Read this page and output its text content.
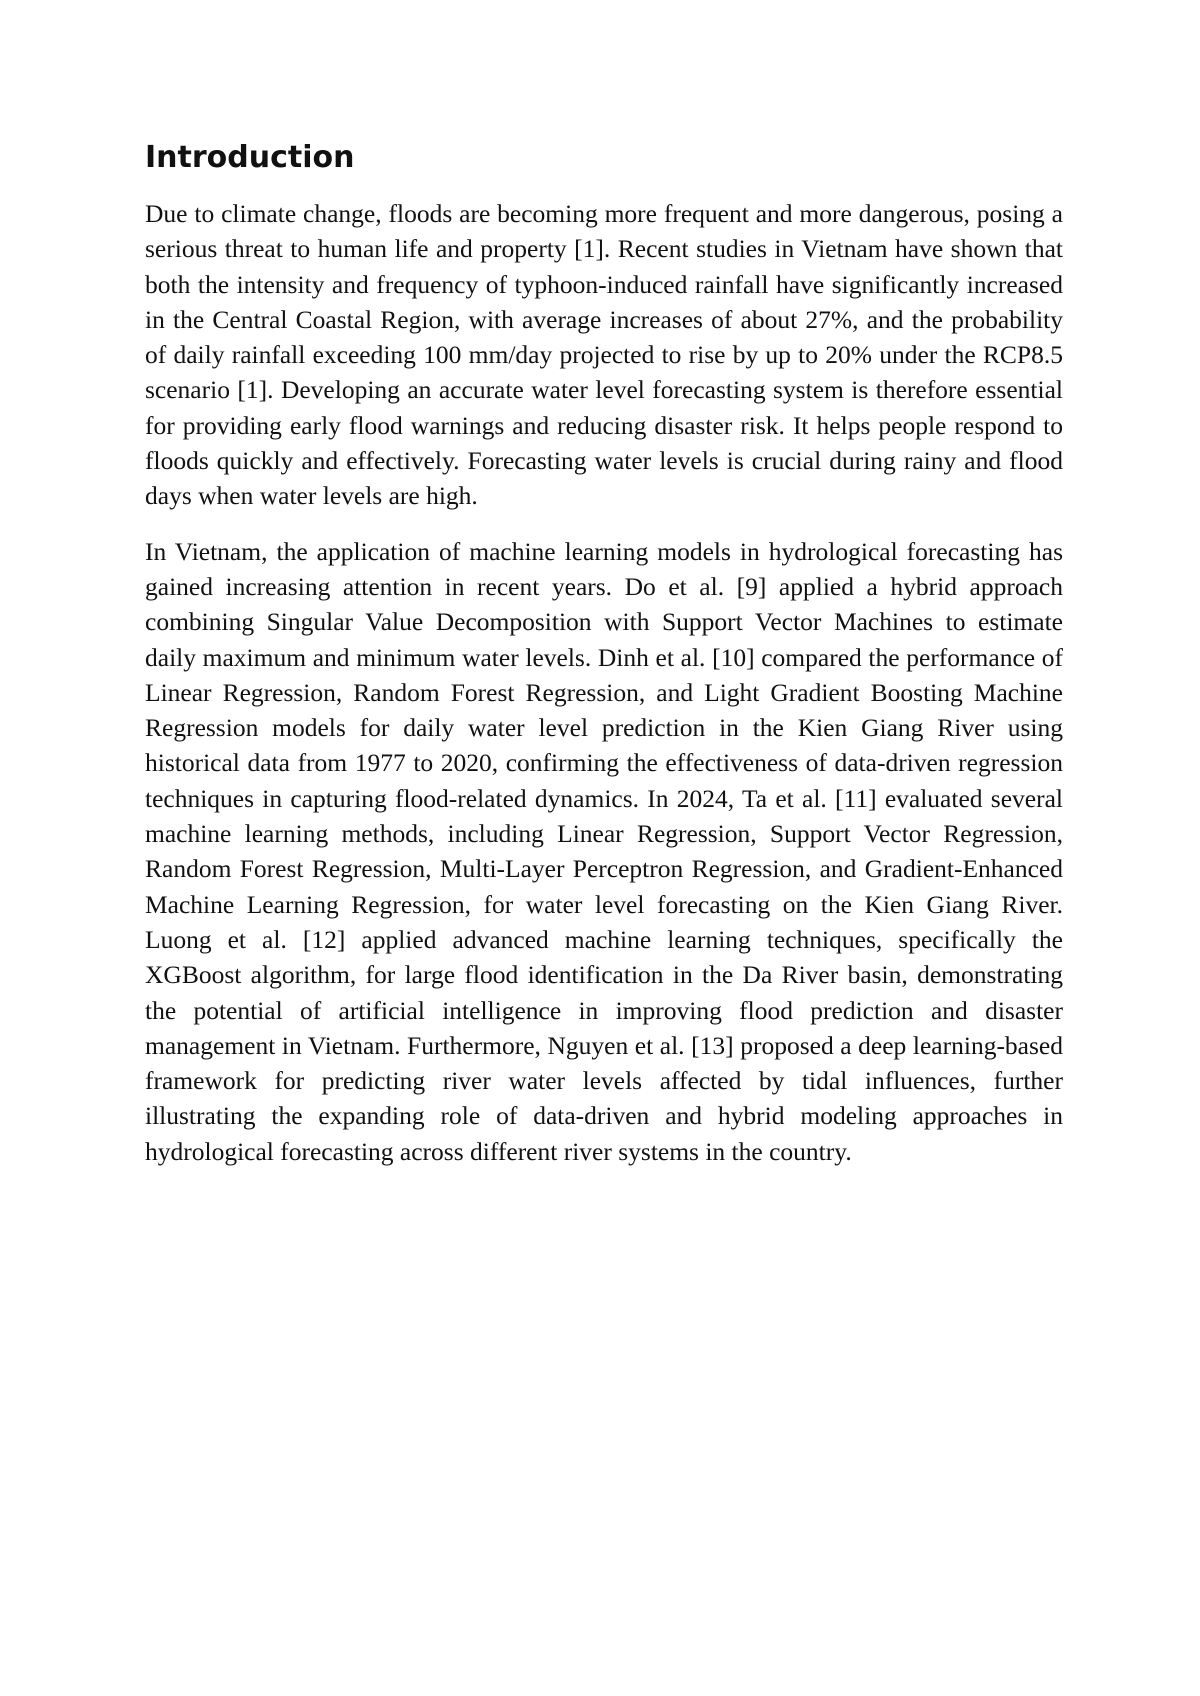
Introduction

Due to climate change, floods are becoming more frequent and more dangerous, posing a serious threat to human life and property [1]. Recent studies in Vietnam have shown that both the intensity and frequency of typhoon-induced rainfall have significantly increased in the Central Coastal Region, with average increases of about 27%, and the probability of daily rainfall exceeding 100 mm/day projected to rise by up to 20% under the RCP8.5 scenario [1]. Developing an accurate water level forecasting system is therefore essential for providing early flood warnings and reducing disaster risk. It helps people respond to floods quickly and effectively. Forecasting water levels is crucial during rainy and flood days when water levels are high.

In Vietnam, the application of machine learning models in hydrological forecasting has gained increasing attention in recent years. Do et al. [9] applied a hybrid approach combining Singular Value Decomposition with Support Vector Machines to estimate daily maximum and minimum water levels. Dinh et al. [10] compared the performance of Linear Regression, Random Forest Regression, and Light Gradient Boosting Machine Regression models for daily water level prediction in the Kien Giang River using historical data from 1977 to 2020, confirming the effectiveness of data-driven regression techniques in capturing flood-related dynamics. In 2024, Ta et al. [11] evaluated several machine learning methods, including Linear Regression, Support Vector Regression, Random Forest Regression, Multi-Layer Perceptron Regression, and Gradient-Enhanced Machine Learning Regression, for water level forecasting on the Kien Giang River. Luong et al. [12] applied advanced machine learning techniques, specifically the XGBoost algorithm, for large flood identification in the Da River basin, demonstrating the potential of artificial intelligence in improving flood prediction and disaster management in Vietnam. Furthermore, Nguyen et al. [13] proposed a deep learning-based framework for predicting river water levels affected by tidal influences, further illustrating the expanding role of data-driven and hybrid modeling approaches in hydrological forecasting across different river systems in the country.
